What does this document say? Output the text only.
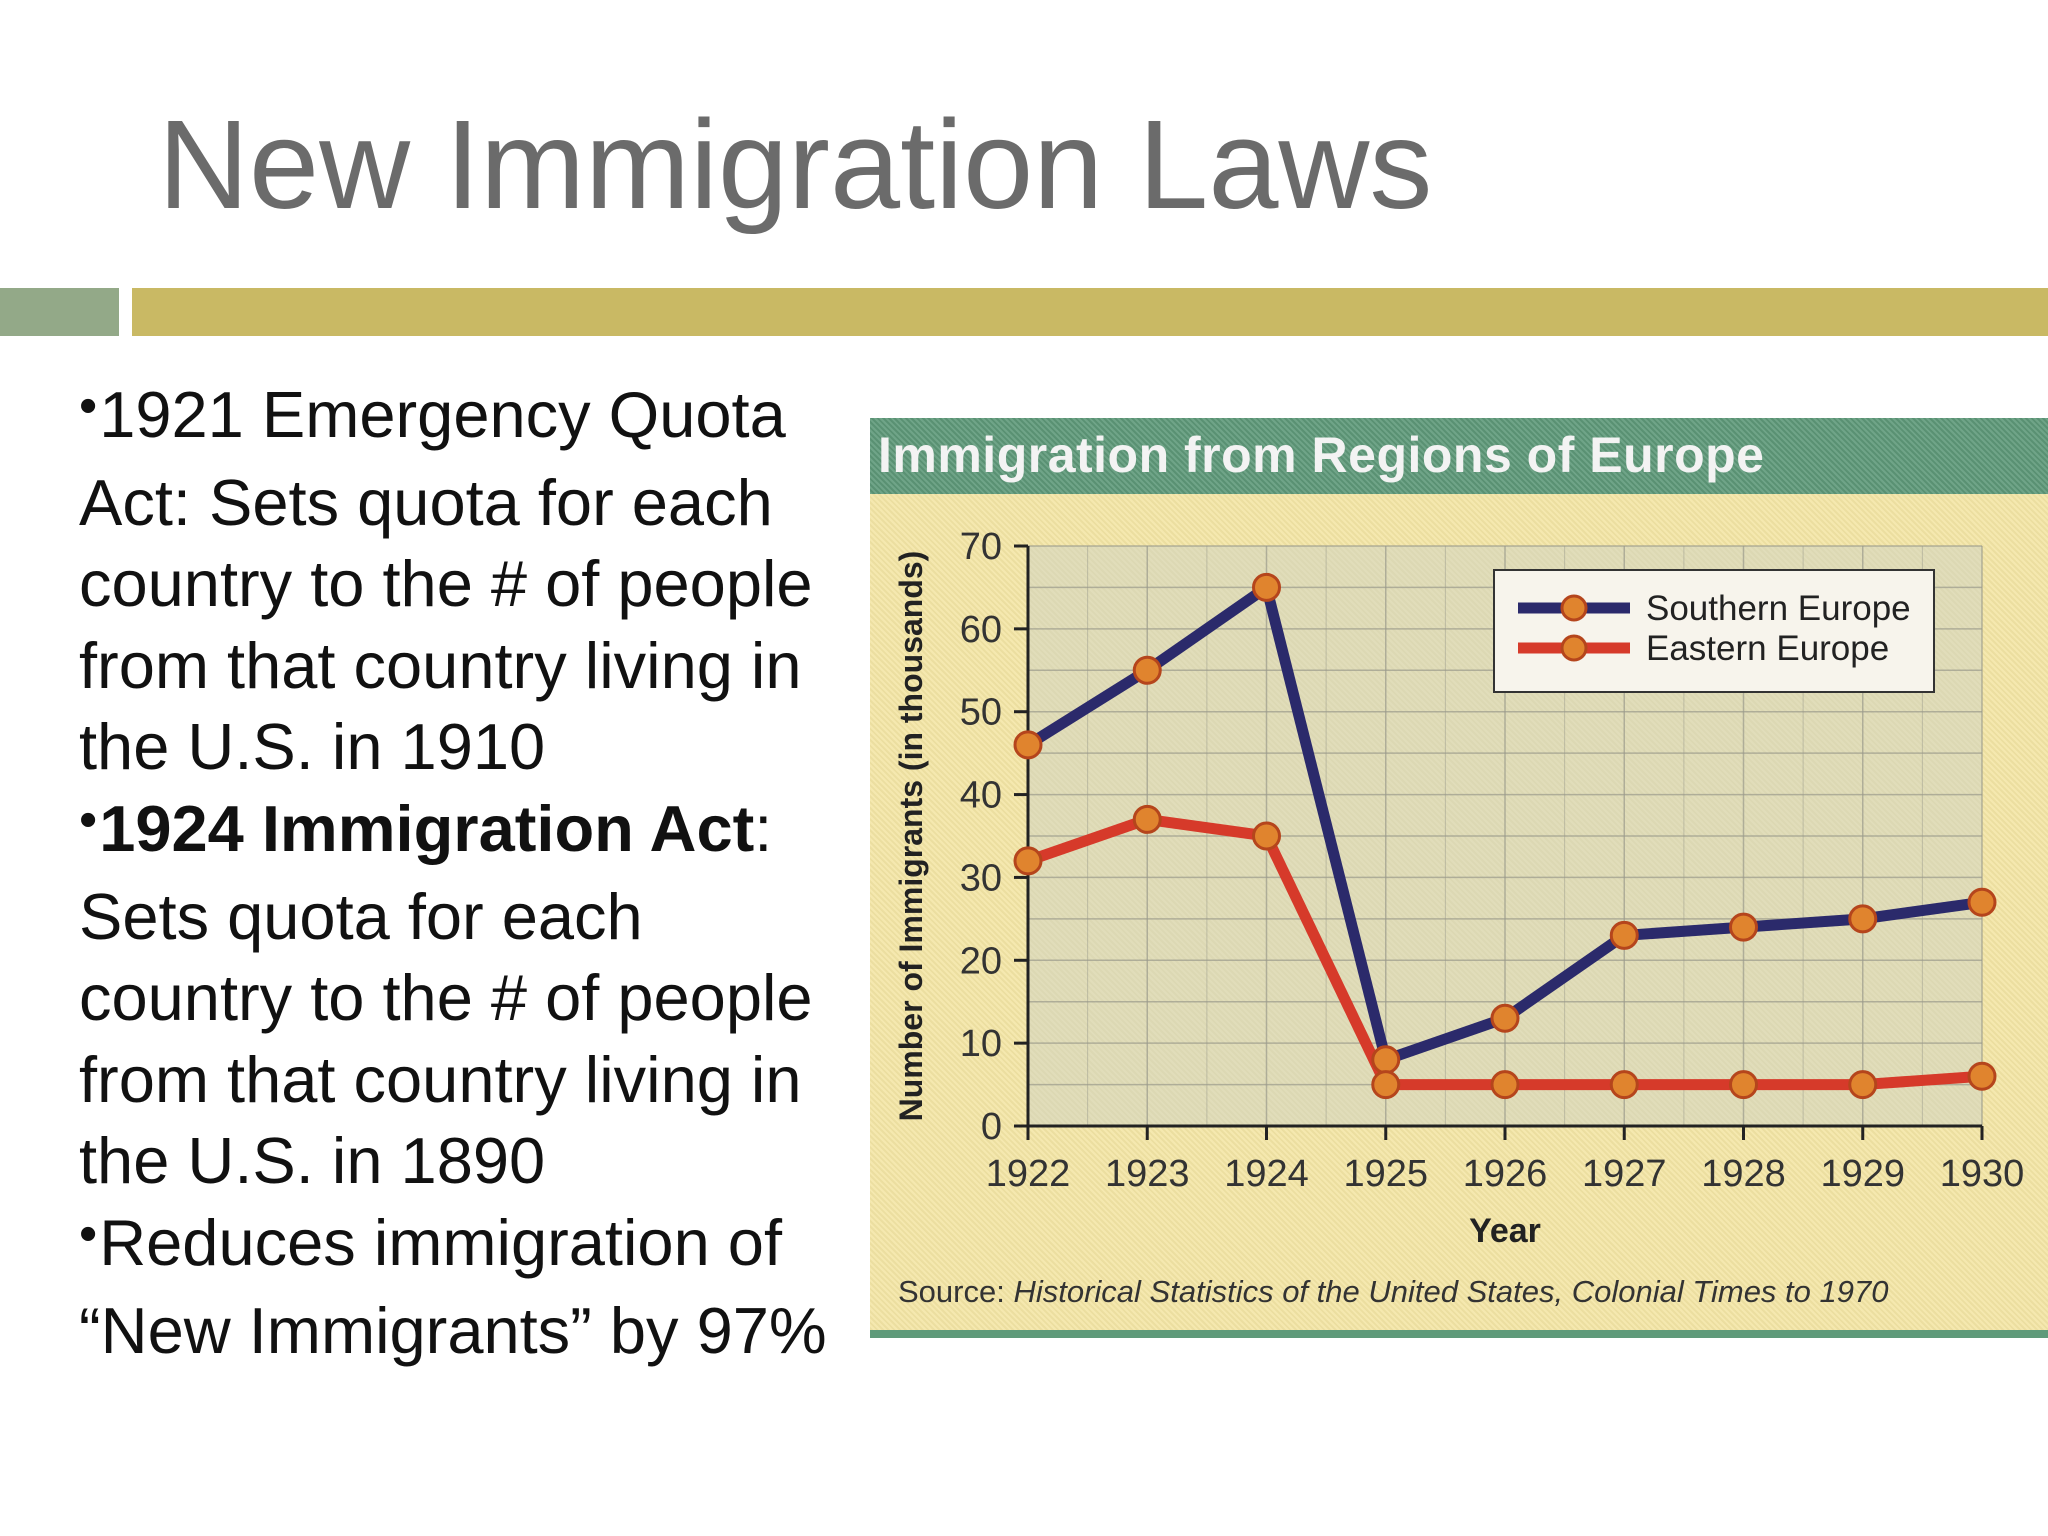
New Immigration Laws
•1921 Emergency Quota Act: Sets quota for each country to the # of people from that country living in the U.S. in 1910
•1924 Immigration Act: Sets quota for each country to the # of people from that country living in the U.S. in 1890
•Reduces immigration of “New Immigrants” by 97%
Immigration from Regions of Europe
0
10
20
30
40
50
60
70
1922 1923 1924 1925 1926 1927 1928 1929 1930
Year
Number of Immigrants (in thousands)	Southern Europe
Eastern Europe
Source: Historical Statistics of the United States, Colonial Times to 1970
